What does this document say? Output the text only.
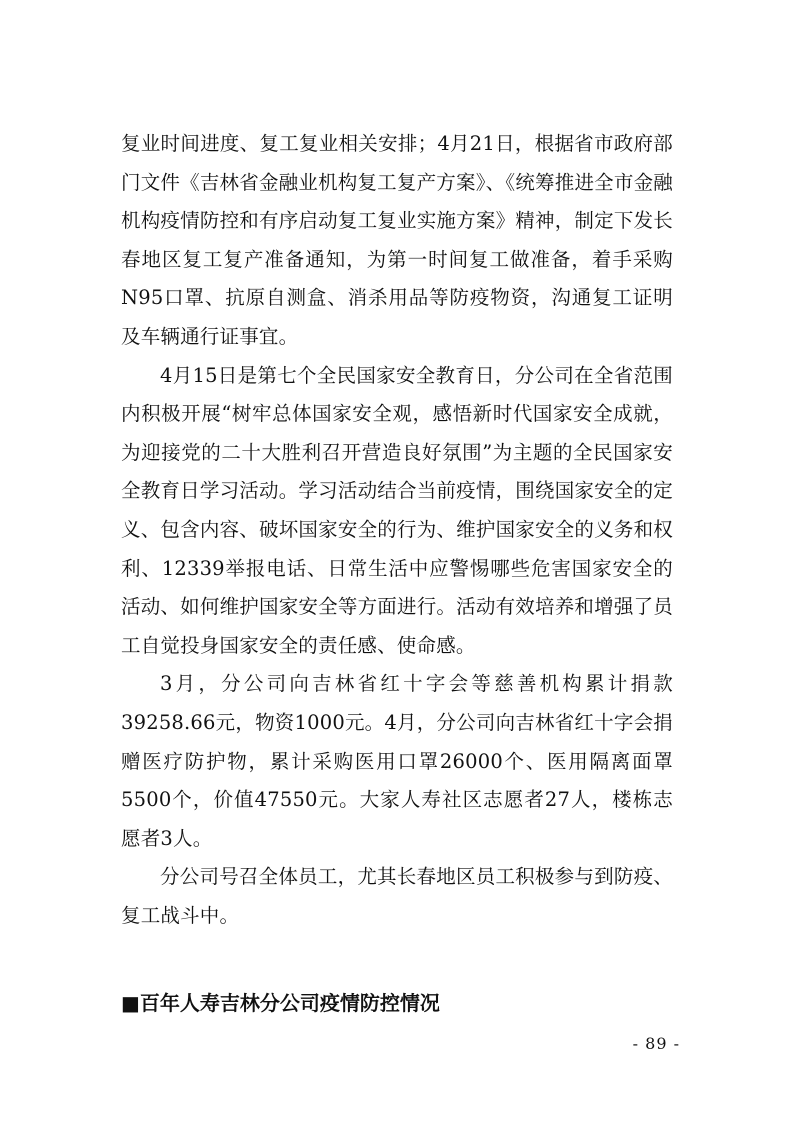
复业时间进度、复工复业相关安排；4月21日，根据省市政府部门文件《吉林省金融业机构复工复产方案》、《统筹推进全市金融机构疫情防控和有序启动复工复业实施方案》精神，制定下发长春地区复工复产准备通知，为第一时间复工做准备，着手采购N95口罩、抗原自测盒、消杀用品等防疫物资，沟通复工证明及车辆通行证事宜。

4月15日是第七个全民国家安全教育日，分公司在全省范围内积极开展“树牢总体国家安全观，感悟新时代国家安全成就，为迎接党的二十大胜利召开营造良好氛围”为主题的全民国家安全教育日学习活动。学习活动结合当前疫情，围绕国家安全的定义、包含内容、破坏国家安全的行为、维护国家安全的义务和权利、12339举报电话、日常生活中应警惕哪些危害国家安全的活动、如何维护国家安全等方面进行。活动有效培养和增强了员工自觉投身国家安全的责任感、使命感。

3月，分公司向吉林省红十字会等慈善机构累计捐款39258.66元，物资1000元。4月，分公司向吉林省红十字会捐赠医疗防护物，累计采购医用口罩26000个、医用隔离面罩5500个，价值47550元。大家人寿社区志愿者27人，楼栋志愿者3人。

分公司号召全体员工，尤其长春地区员工积极参与到防疫、复工战斗中。

■百年人寿吉林分公司疫情防控情况
- 89 -
